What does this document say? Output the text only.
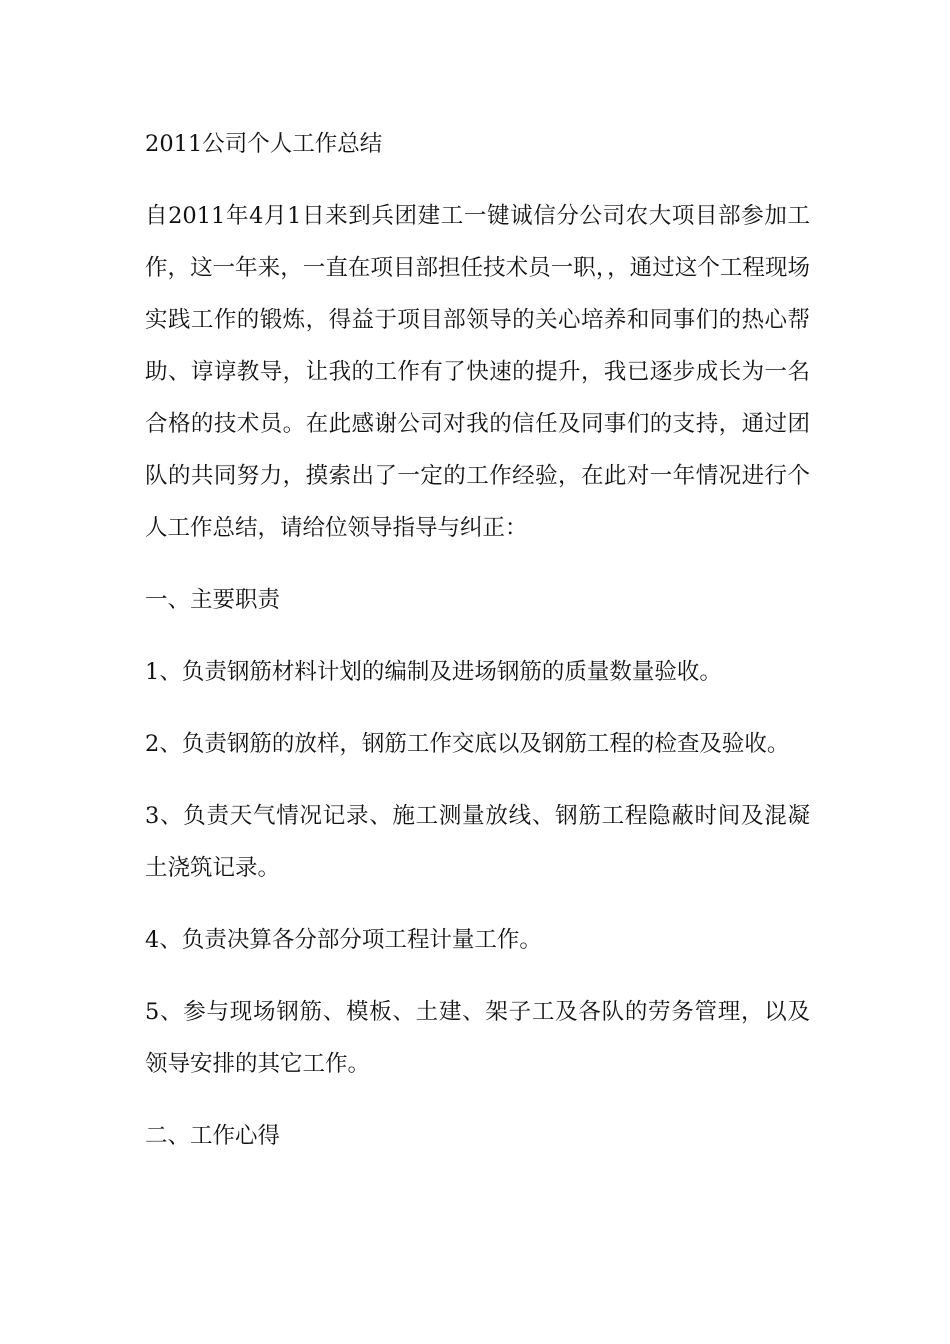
2011公司个人工作总结

自2011年4月1日来到兵团建工一键诚信分公司农大项目部参加工作，这一年来，一直在项目部担任技术员一职，，通过这个工程现场实践工作的锻炼，得益于项目部领导的关心培养和同事们的热心帮助、谆谆教导，让我的工作有了快速的提升，我已逐步成长为一名合格的技术员。在此感谢公司对我的信任及同事们的支持，通过团队的共同努力，摸索出了一定的工作经验，在此对一年情况进行个人工作总结，请给位领导指导与纠正：

一、主要职责

1、负责钢筋材料计划的编制及进场钢筋的质量数量验收。

2、负责钢筋的放样，钢筋工作交底以及钢筋工程的检查及验收。

3、负责天气情况记录、施工测量放线、钢筋工程隐蔽时间及混凝土浇筑记录。

4、负责决算各分部分项工程计量工作。

5、参与现场钢筋、模板、土建、架子工及各队的劳务管理，以及领导安排的其它工作。

二、工作心得
